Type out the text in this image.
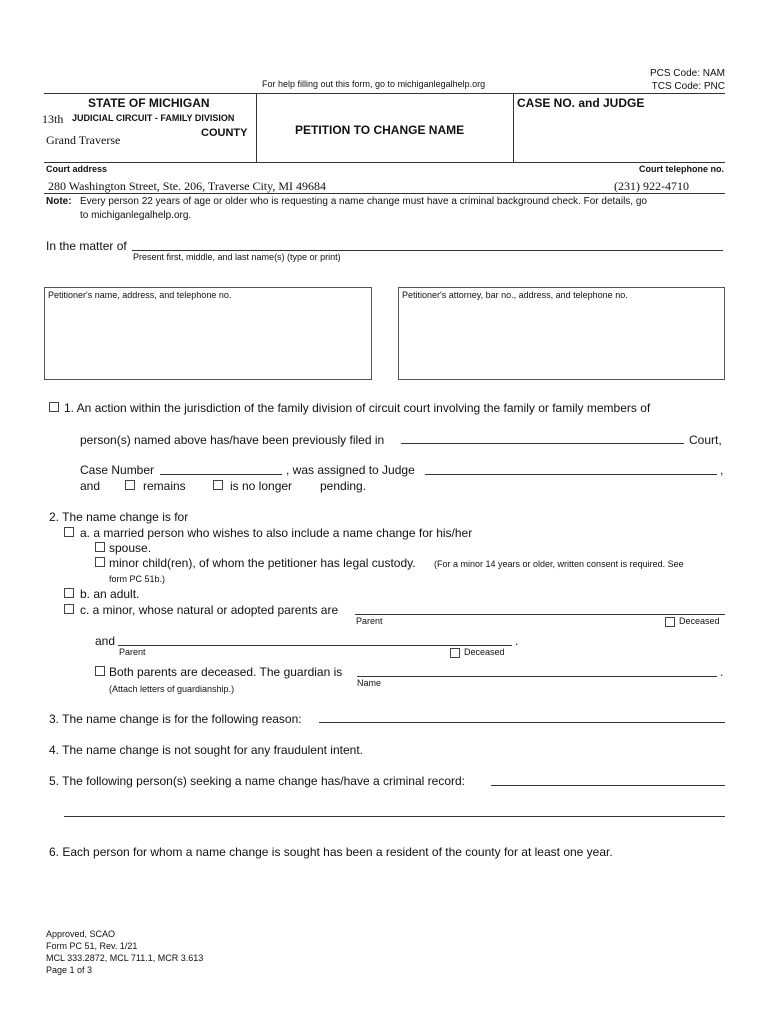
For help filling out this form, go to michiganlegalhelp.org
PCS Code: NAM
TCS Code: PNC
STATE OF MICHIGAN
13th JUDICIAL CIRCUIT - FAMILY DIVISION
COUNTY
Grand Traverse
PETITION TO CHANGE NAME
CASE NO. and JUDGE
Court address	Court telephone no.
280 Washington Street, Ste. 206, Traverse City, MI 49684	(231) 922-4710
Note: Every person 22 years of age or older who is requesting a name change must have a criminal background check. For details, go
to michiganlegalhelp.org.
In the matter of
Present first, middle, and last name(s) (type or print)
Petitioner's name, address, and telephone no.	Petitioner's attorney, bar no., address, and telephone no.
1. An action within the jurisdiction of the family division of circuit court involving the family or family members of
person(s) named above has/have been previously filed in	Court,
Case Number	, was assigned to Judge	,
and	remains	is no longer pending.
2. The name change is for
a. a married person who wishes to also include a name change for his/her
spouse.
minor child(ren), of whom the petitioner has legal custody. (For a minor 14 years or older, written consent is required. See
form PC 51b.)
b. an adult.
c. a minor, whose natural or adopted parents are
Parent	Deceased
and	.
Parent	Deceased
Both parents are deceased. The guardian is	.
(Attach letters of guardianship.)
Name
3. The name change is for the following reason:
4. The name change is not sought for any fraudulent intent.
5. The following person(s) seeking a name change has/have a criminal record:
6. Each person for whom a name change is sought has been a resident of the county for at least one year.
Approved, SCAO
Form PC 51, Rev. 1/21
MCL 333.2872, MCL 711.1, MCR 3.613
Page 1 of 3
